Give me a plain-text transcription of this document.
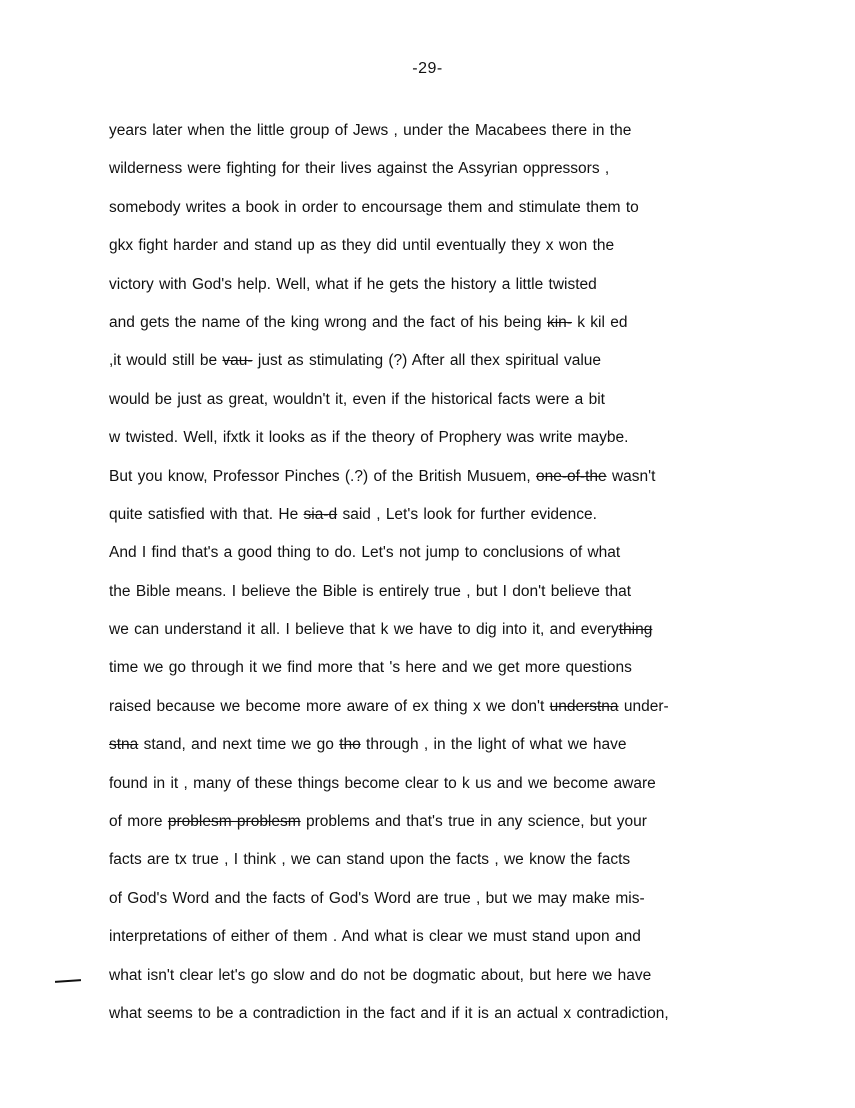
-29-
years later when the little group of Jews , under the Macabees there in the
wilderness were fighting for their lives against the Assyrian oppressors ,
somebody writes a book in order to encoursage them and stimulate them to
gkx fight harder and stand up as they did until eventually they x won the
victory with God's help. Well, what if he gets the history a little twisted
and gets the name of the king wrong and the fact of his being kin- k kil ed
,it would still be vau- just as stimulating (?) After all thex spiritual value
would be just as great, wouldn't it, even if the historical facts were a bit
w twisted. Well, ifxtk it looks as if the theory of Prophery was write maybe.
But you know, Professor Pinches (.?) of the British Musuem, one-of-the wasn't
quite satisfied with that. He sia-d said , Let's look for further evidence.
And I find that's a good thing to do. Let's not jump to conclusions of what
the Bible means. I believe the Bible is entirely true , but I don't believe that
we can understand it all. I believe that k we have to dig into it, and everything
time we go through it we find more that 's here and we get more questions
raised because we become more aware of ex thing x we don't understna under-
stna stand, and next time we go tho through , in the light of what we have
found in it , many of these things become clear to k us and we become aware
of more problesm problesm problems and that's true in any science, but your
facts are tx true , I think , we can stand upon the facts , we know the facts
of God's Word and the facts of God's Word are true , but we may make mis-
interpretations of either of them . And what is clear we must stand upon and
what isn't clear let's go slow and do not be dogmatic about, but here we have
what seems to be a contradiction in the fact and if it is an actual x contradiction,
